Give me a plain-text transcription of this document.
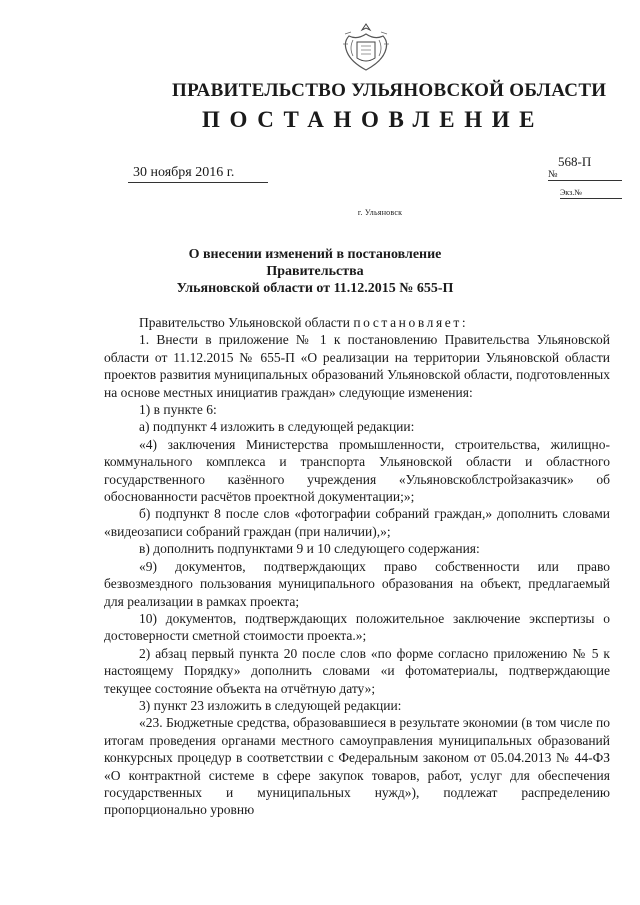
ПРАВИТЕЛЬСТВО УЛЬЯНОВСКОЙ ОБЛАСТИ
ПОСТАНОВЛЕНИЕ
30 ноября 2016 г.
568-П
№
Экз.№
г. Ульяновск
О внесении изменений в постановление Правительства
Ульяновской области от 11.12.2015 № 655-П

Правительство Ульяновской области постановляет:

1. Внести в приложение № 1 к постановлению Правительства Ульяновской области от 11.12.2015 № 655-П «О реализации на территории Ульяновской области проектов развития муниципальных образований Ульяновской области, подготовленных на основе местных инициатив граждан» следующие изменения:

1) в пункте 6:

а) подпункт 4 изложить в следующей редакции:

«4) заключения Министерства промышленности, строительства, жилищно-коммунального комплекса и транспорта Ульяновской области и областного государственного казённого учреждения «Ульяновскоблстройзаказчик» об обоснованности расчётов проектной документации;»;

б) подпункт 8 после слов «фотографии собраний граждан,» дополнить словами «видеозаписи собраний граждан (при наличии),»;

в) дополнить подпунктами 9 и 10 следующего содержания:

«9) документов, подтверждающих право собственности или право безвозмездного пользования муниципального образования на объект, предлагаемый для реализации в рамках проекта;

10) документов, подтверждающих положительное заключение экспертизы о достоверности сметной стоимости проекта.»;

2) абзац первый пункта 20 после слов «по форме согласно приложению № 5 к настоящему Порядку» дополнить словами «и фотоматериалы, подтверждающие текущее состояние объекта на отчётную дату»;

3) пункт 23 изложить в следующей редакции:

«23. Бюджетные средства, образовавшиеся в результате экономии (в том числе по итогам проведения органами местного самоуправления муниципальных образований конкурсных процедур в соответствии с Федеральным законом от 05.04.2013 № 44-ФЗ «О контрактной системе в сфере закупок товаров, работ, услуг для обеспечения государственных и муниципальных нужд»), подлежат распределению пропорционально уровню
